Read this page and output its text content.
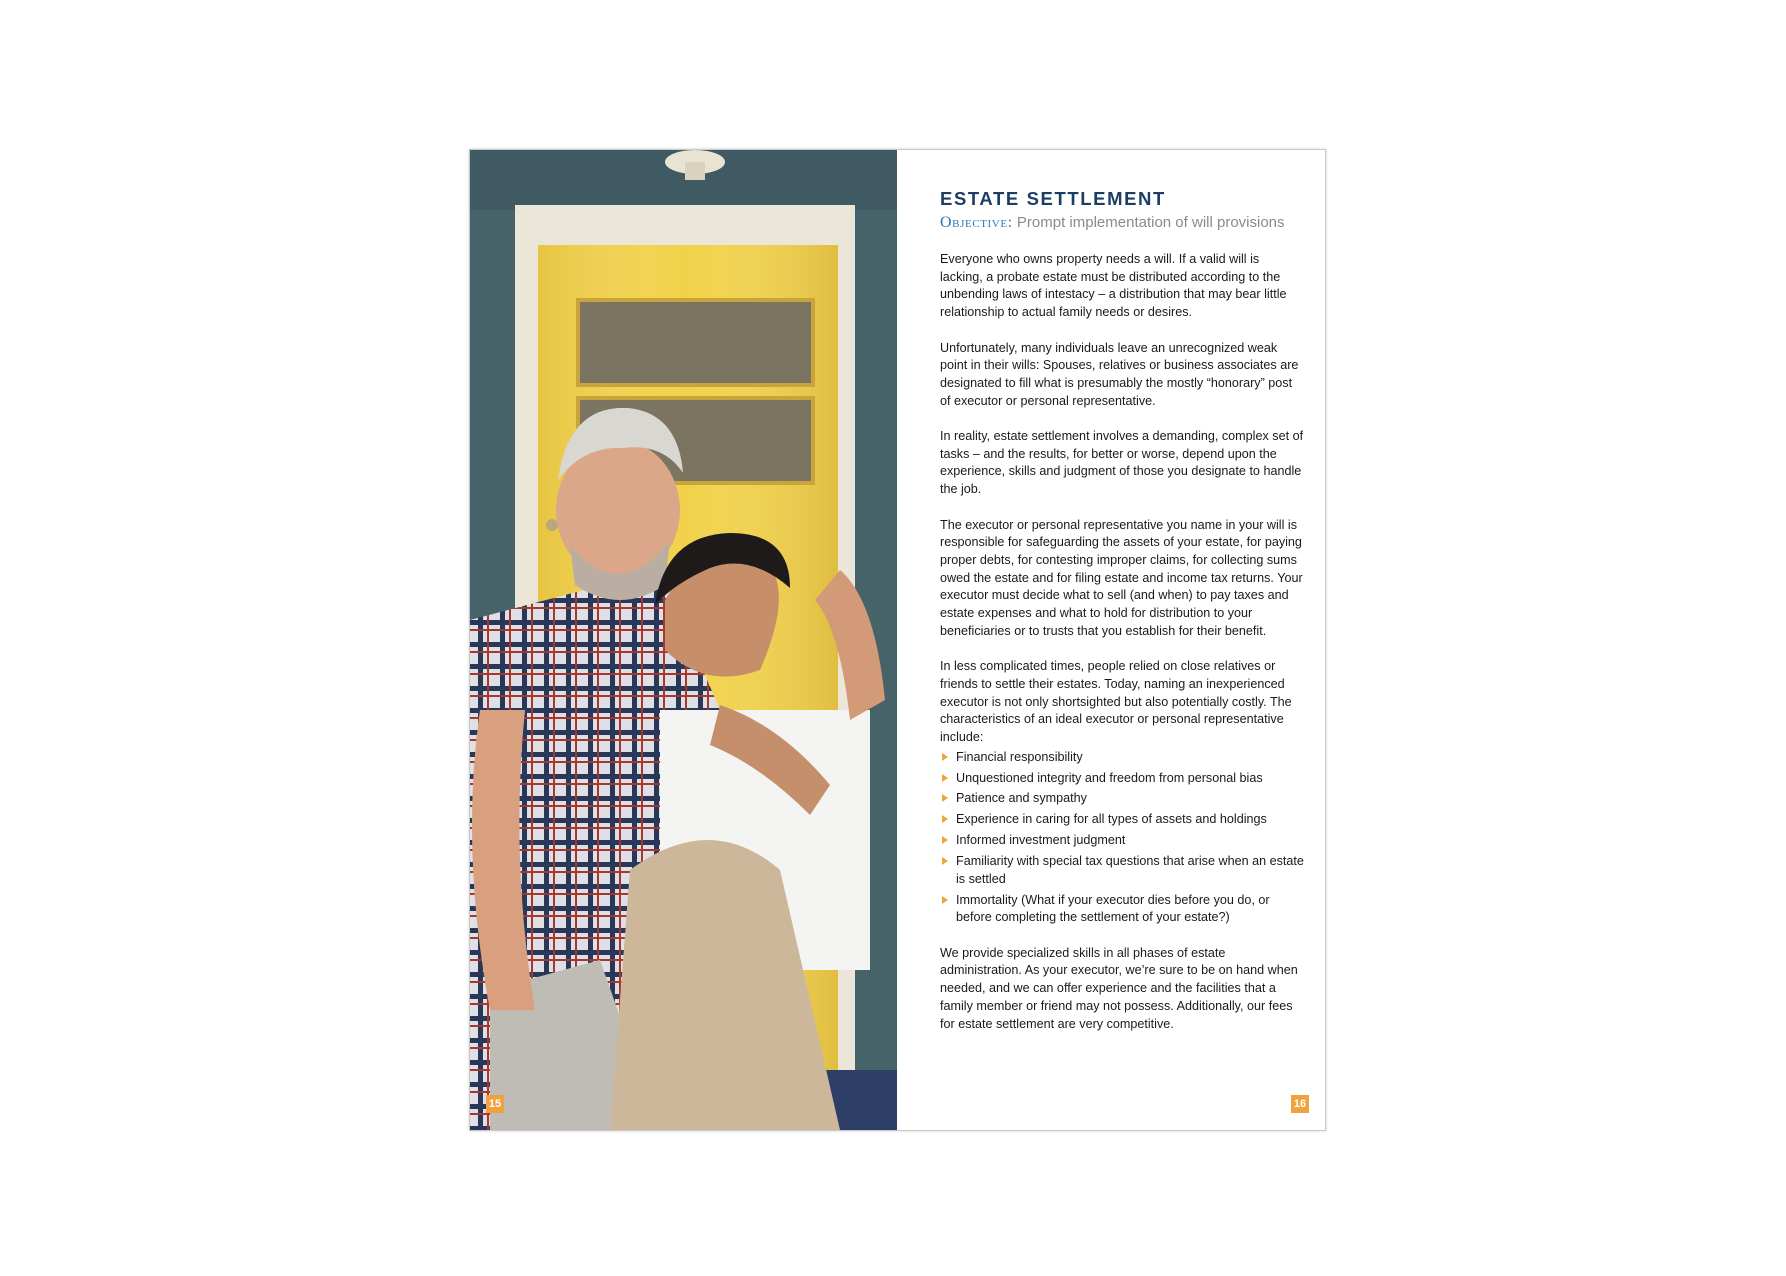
15
ESTATE SETTLEMENT
Objective: Prompt implementation of will provisions

Everyone who owns property needs a will. If a valid will is lacking, a probate estate must be distributed according to the unbending laws of intestacy – a distribution that may bear little relationship to actual family needs or desires.

Unfortunately, many individuals leave an unrecognized weak point in their wills: Spouses, relatives or business associates are designated to fill what is presumably the mostly “honorary” post of executor or personal representative.

In reality, estate settlement involves a demanding, complex set of tasks – and the results, for better or worse, depend upon the experience, skills and judgment of those you designate to handle the job.

The executor or personal representative you name in your will is responsible for safeguarding the assets of your estate, for paying proper debts, for contesting improper claims, for collecting sums owed the estate and for filing estate and income tax returns. Your executor must decide what to sell (and when) to pay taxes and estate expenses and what to hold for distribution to your beneficiaries or to trusts that you establish for their benefit.

In less complicated times, people relied on close relatives or friends to settle their estates. Today, naming an inexperienced executor is not only shortsighted but also potentially costly. The characteristics of an ideal executor or personal representative include:

Financial responsibility
Unquestioned integrity and freedom from personal bias
Patience and sympathy
Experience in caring for all types of assets and holdings
Informed investment judgment
Familiarity with special tax questions that arise when an estate is settled
Immortality (What if your executor dies before you do, or before completing the settlement of your estate?)

We provide specialized skills in all phases of estate administration. As your executor, we’re sure to be on hand when needed, and we can offer experience and the facilities that a family member or friend may not possess. Additionally, our fees for estate settlement are very competitive.

16
